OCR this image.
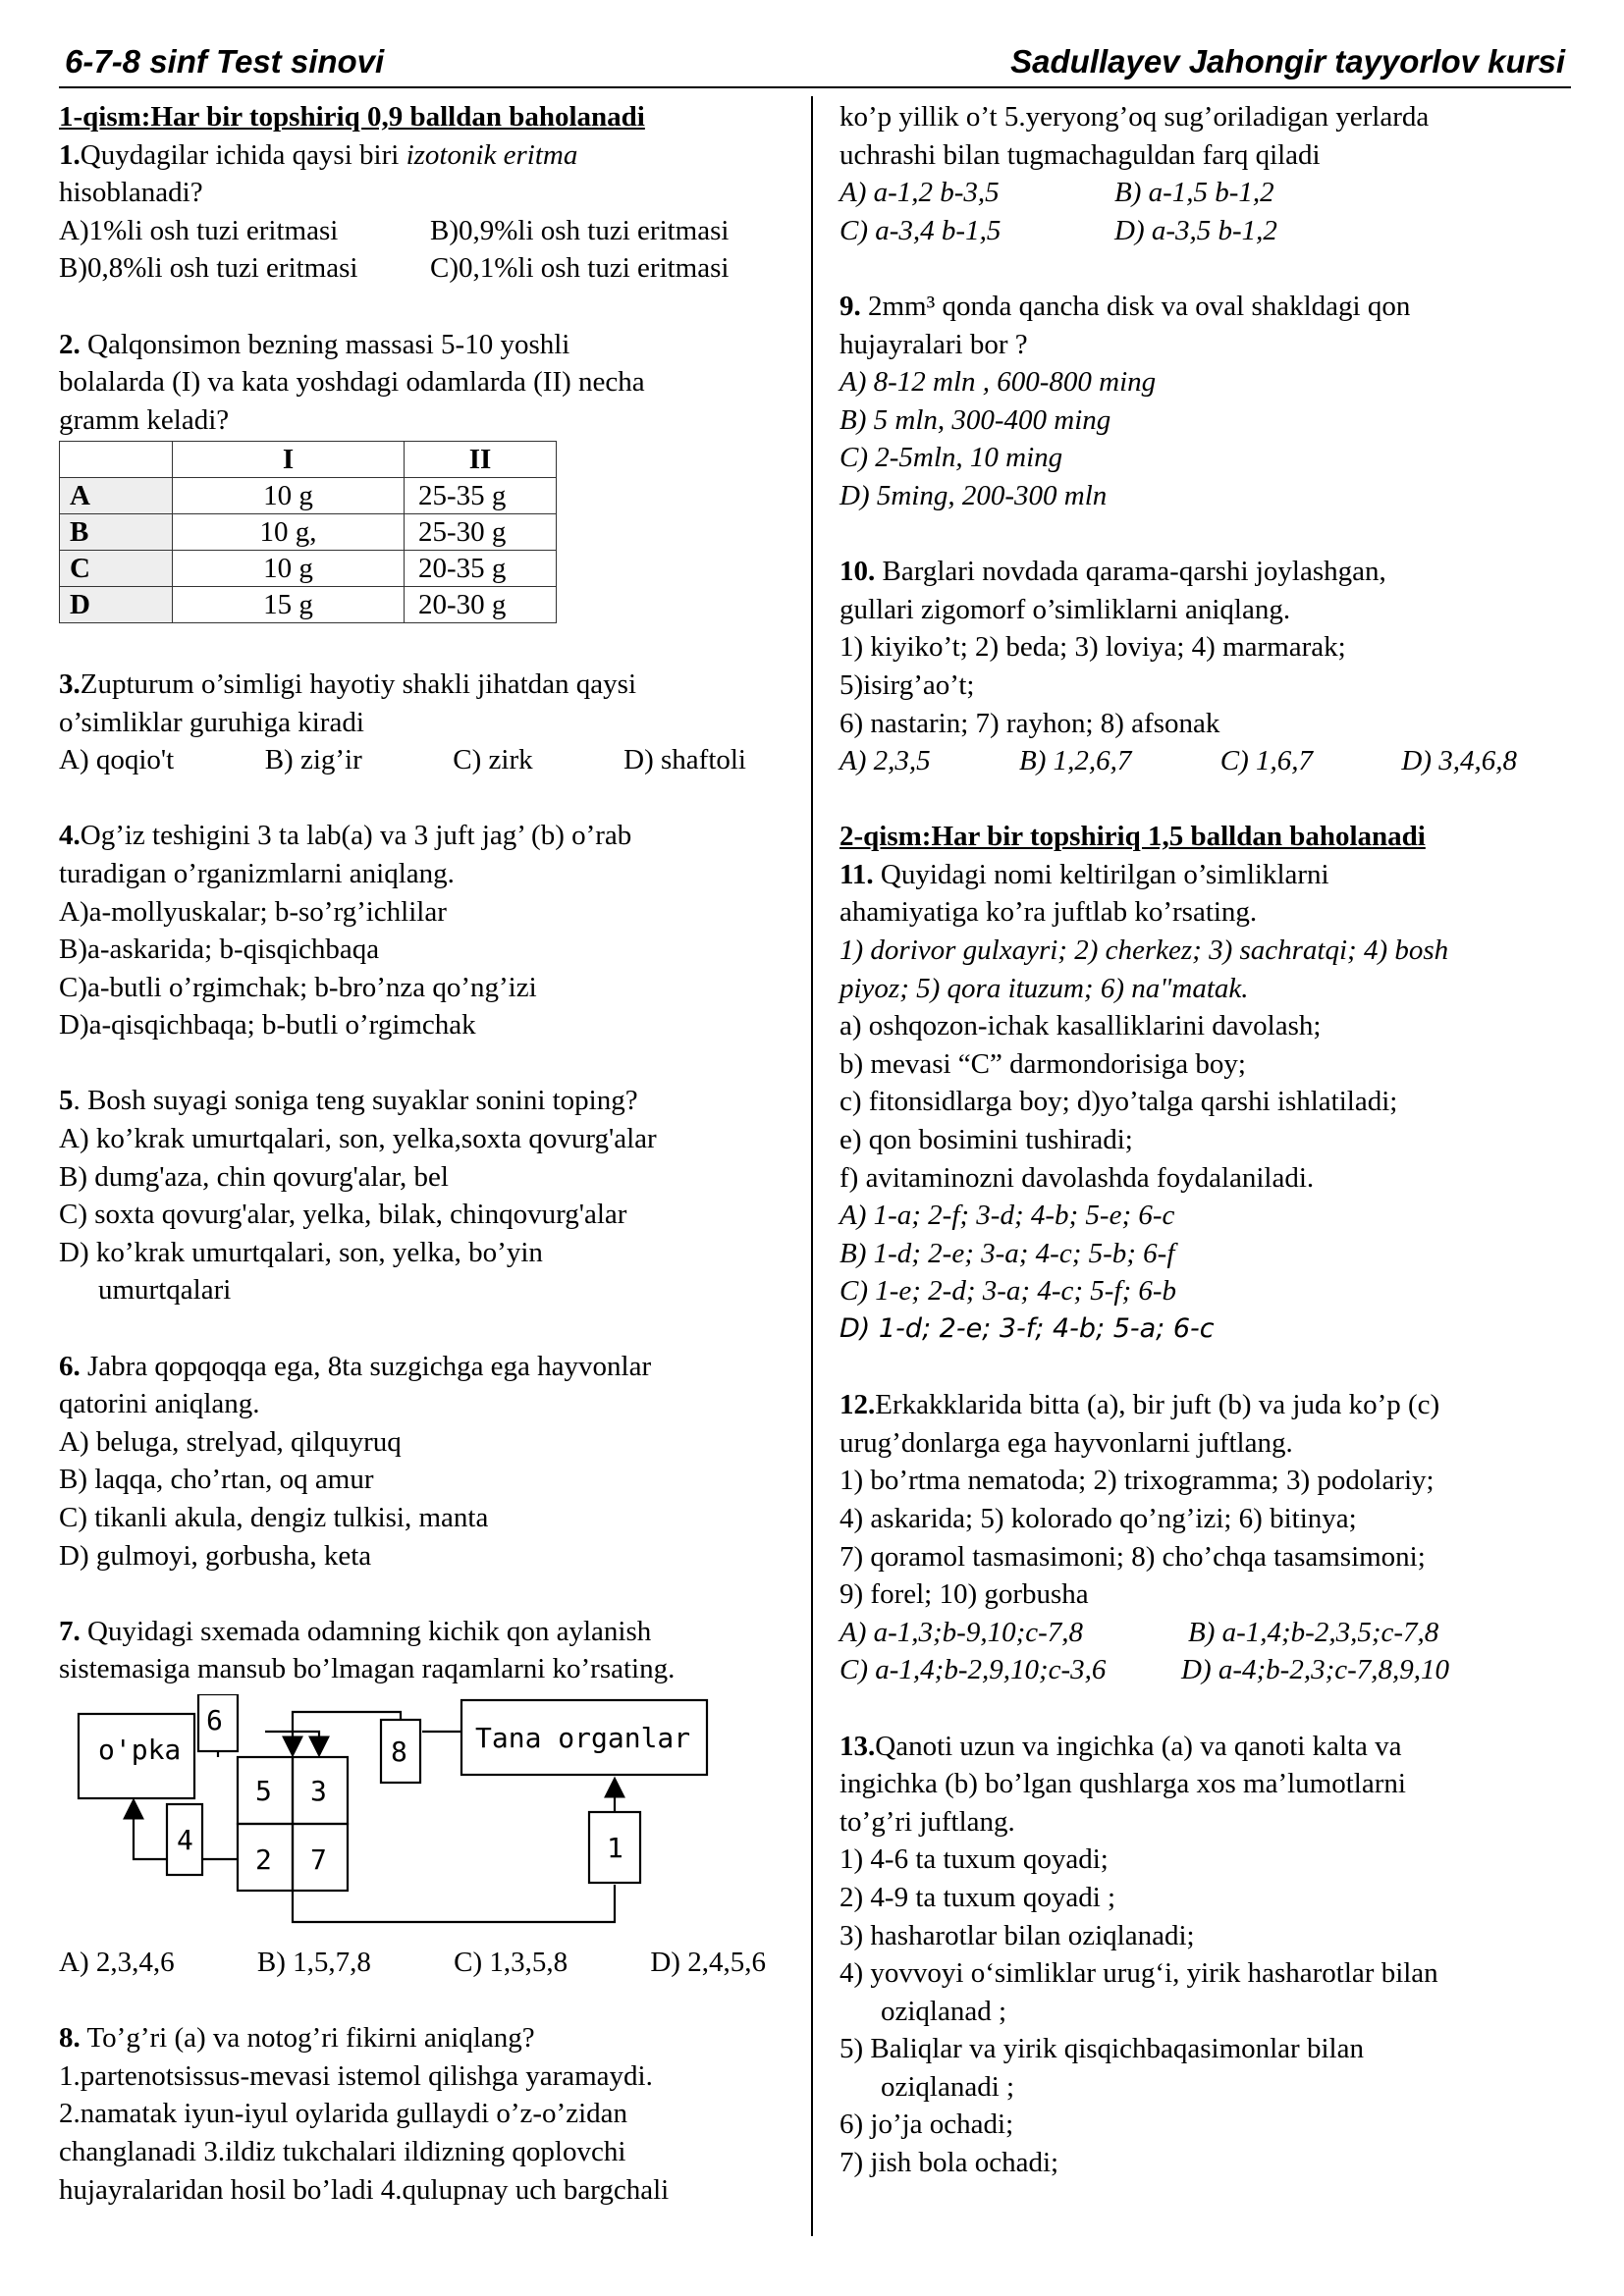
6-7-8 sinf Test sinovi	Sadullayev Jahongir tayyorlov kursi
1-qism:Har bir topshiriq 0,9 balldan baholanadi
1.Quydagilar ichida qaysi biri izotonik eritma
hisoblanadi?
A)1%li osh tuzi eritmasi	B)0,9%li osh tuzi eritmasi
B)0,8%li osh tuzi eritmasi	C)0,1%li osh tuzi eritmasi
2. Qalqonsimon bezning massasi 5-10 yoshli
bolalarda (I) va kata yoshdagi odamlarda (II) necha
gramm keladi?
	I	II
A	10 g	25-35 g
B	10 g,	25-30 g
C	10 g	20-35 g
D	15 g	20-30 g
3.Zupturum o’simligi hayotiy shakli jihatdan qaysi
o’simliklar guruhiga kiradi
A) qoqio't	B) zig’ir	C) zirk	D) shaftoli
4.Og’iz teshigini 3 ta lab(a) va 3 juft jag’ (b) o’rab
turadigan o’rganizmlarni aniqlang.
A)a-mollyuskalar; b-so’rg’ichlilar
B)a-askarida; b-qisqichbaqa
C)a-butli o’rgimchak; b-bro’nza qo’ng’izi
D)a-qisqichbaqa; b-butli o’rgimchak
5. Bosh suyagi soniga teng suyaklar sonini toping?
A) ko’krak umurtqalari, son, yelka,soxta qovurg'alar
B) dumg'aza, chin qovurg'alar, bel
C) soxta qovurg'alar, yelka, bilak, chinqovurg'alar
D) ko’krak umurtqalari, son, yelka, bo’yin
umurtqalari
6. Jabra qopqoqqa ega, 8ta suzgichga ega hayvonlar
qatorini aniqlang.
A) beluga, strelyad, qilquyruq
B) laqqa, cho’rtan, oq amur
C) tikanli akula, dengiz tulkisi, manta
D) gulmoyi, gorbusha, keta
7. Quyidagi sxemada odamning kichik qon aylanish
sistemasiga mansub bo’lmagan raqamlarni ko’rsating.
o'pka
6
5 3
2 7
8 Tana organlar
4	1
A) 2,3,4,6	B) 1,5,7,8	C) 1,3,5,8	D) 2,4,5,6
8. To’g’ri (a) va notog’ri fikirni aniqlang?
1.partenotsissus-mevasi istemol qilishga yaramaydi.
2.namatak iyun-iyul oylarida gullaydi o’z-o’zidan
changlanadi 3.ildiz tukchalari ildizning qoplovchi
hujayralaridan hosil bo’ladi 4.qulupnay uch bargchali
ko’p yillik o’t 5.yeryong’oq sug’oriladigan yerlarda
uchrashi bilan tugmachaguldan farq qiladi
A) a-1,2 b-3,5	B) a-1,5 b-1,2
C) a-3,4 b-1,5	D) a-3,5 b-1,2
9. 2mm³ qonda qancha disk va oval shakldagi qon
hujayralari bor ?
A) 8-12 mln , 600-800 ming
B) 5 mln, 300-400 ming
C) 2-5mln, 10 ming
D) 5ming, 200-300 mln
10. Barglari novdada qarama-qarshi joylashgan,
gullari zigomorf o’simliklarni aniqlang.
1) kiyiko’t; 2) beda; 3) loviya; 4) marmarak;
5)isirg’ao’t;
6) nastarin; 7) rayhon; 8) afsonak
A) 2,3,5	B) 1,2,6,7	C) 1,6,7	D) 3,4,6,8
2-qism:Har bir topshiriq 1,5 balldan baholanadi
11. Quyidagi nomi keltirilgan o’simliklarni
ahamiyatiga ko’ra juftlab ko’rsating.
1) dorivor gulxayri; 2) cherkez; 3) sachratqi; 4) bosh
piyoz; 5) qora ituzum; 6) na"matak.
a) oshqozon-ichak kasalliklarini davolash;
b) mevasi “C” darmondorisiga boy;
c) fitonsidlarga boy; d)yo’talga qarshi ishlatiladi;
e) qon bosimini tushiradi;
f) avitaminozni davolashda foydalaniladi.
A) 1-a; 2-f; 3-d; 4-b; 5-e; 6-c
B) 1-d; 2-e; 3-a; 4-c; 5-b; 6-f
C) 1-e; 2-d; 3-a; 4-c; 5-f; 6-b
D) 1-d; 2-e; 3-f; 4-b; 5-a; 6-c
12.Erkakklarida bitta (a), bir juft (b) va juda ko’p (c)
urug’donlarga ega hayvonlarni juftlang.
1) bo’rtma nematoda; 2) trixogramma; 3) podolariy;
4) askarida; 5) kolorado qo’ng’izi; 6) bitinya;
7) qoramol tasmasimoni; 8) cho’chqa tasamsimoni;
9) forel; 10) gorbusha
A) a-1,3;b-9,10;c-7,8	B) a-1,4;b-2,3,5;c-7,8
C) a-1,4;b-2,9,10;c-3,6	D) a-4;b-2,3;c-7,8,9,10
13.Qanoti uzun va ingichka (a) va qanoti kalta va
ingichka (b) bo’lgan qushlarga xos ma’lumotlarni
to’g’ri juftlang.
1) 4-6 ta tuxum qoyadi;
2) 4-9 ta tuxum qoyadi ;
3) hasharotlar bilan oziqlanadi;
4) yovvoyi o‘simliklar urug‘i, yirik hasharotlar bilan
oziqlanad ;
5) Baliqlar va yirik qisqichbaqasimonlar bilan
oziqlanadi ;
6) jo’ja ochadi;
7) jish bola ochadi;
